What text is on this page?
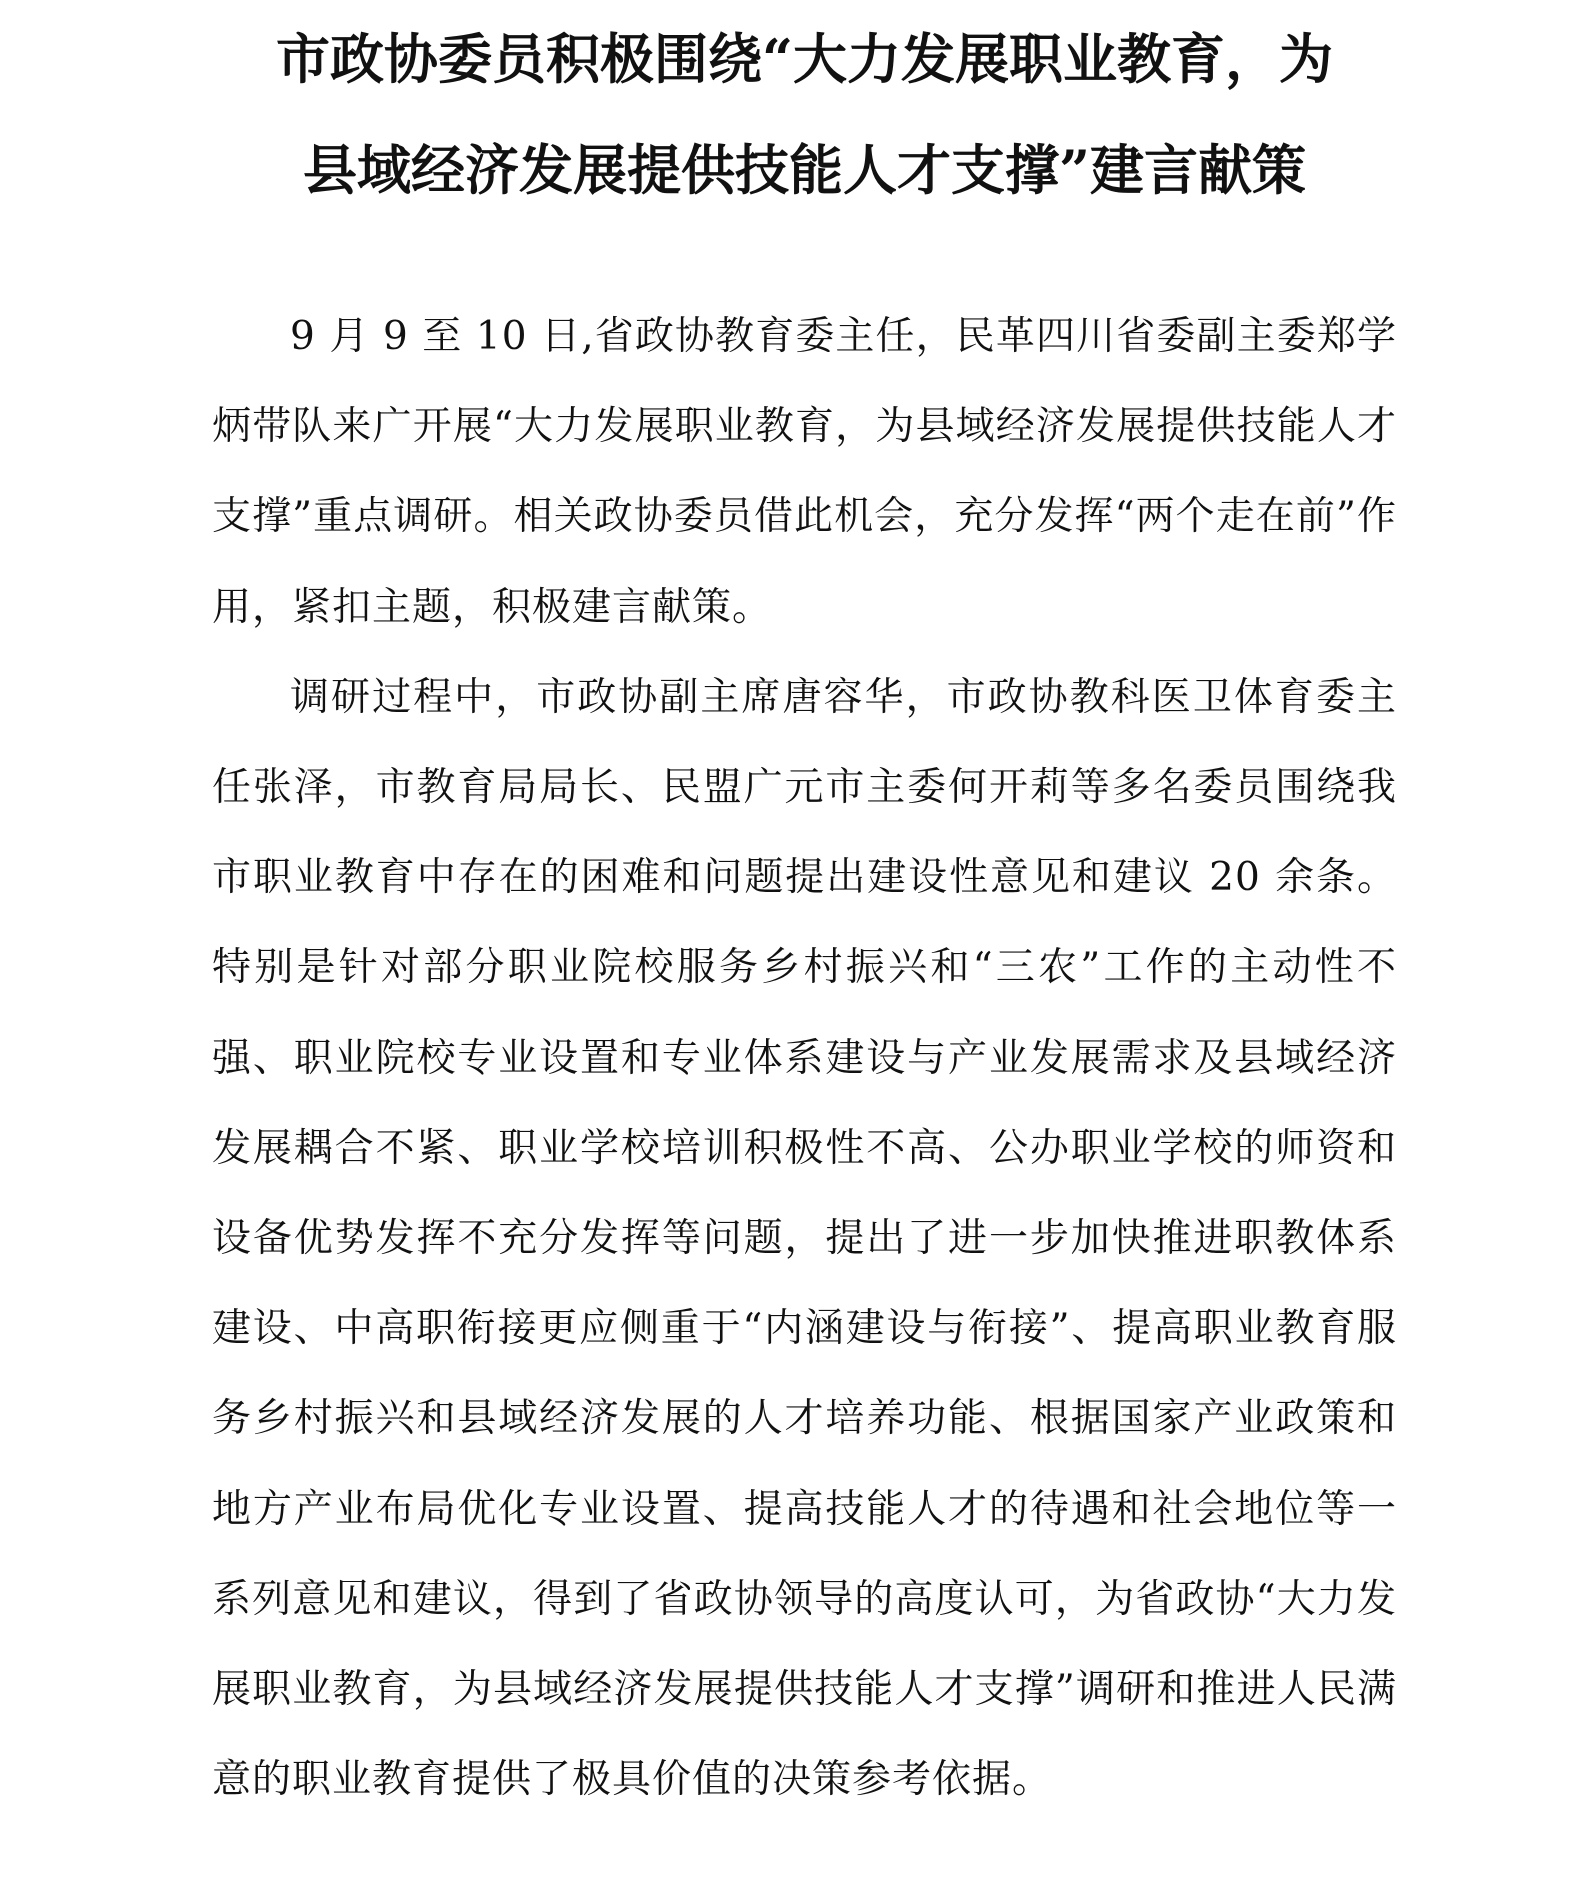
市政协委员积极围绕“大力发展职业教育，为
县域经济发展提供技能人才支撑”建言献策

9 月 9 至 10 日,省政协教育委主任，民革四川省委副主委郑学炳带队来广开展“大力发展职业教育，为县域经济发展提供技能人才支撑”重点调研。相关政协委员借此机会，充分发挥“两个走在前”作用，紧扣主题，积极建言献策。

调研过程中，市政协副主席唐容华，市政协教科医卫体育委主任张泽，市教育局局长、民盟广元市主委何开莉等多名委员围绕我市职业教育中存在的困难和问题提出建设性意见和建议 20 余条。特别是针对部分职业院校服务乡村振兴和“三农”工作的主动性不强、职业院校专业设置和专业体系建设与产业发展需求及县域经济发展耦合不紧、职业学校培训积极性不高、公办职业学校的师资和设备优势发挥不充分发挥等问题，提出了进一步加快推进职教体系建设、中高职衔接更应侧重于“内涵建设与衔接”、提高职业教育服务乡村振兴和县域经济发展的人才培养功能、根据国家产业政策和地方产业布局优化专业设置、提高技能人才的待遇和社会地位等一系列意见和建议，得到了省政协领导的高度认可，为省政协“大力发展职业教育，为县域经济发展提供技能人才支撑”调研和推进人民满意的职业教育提供了极具价值的决策参考依据。
